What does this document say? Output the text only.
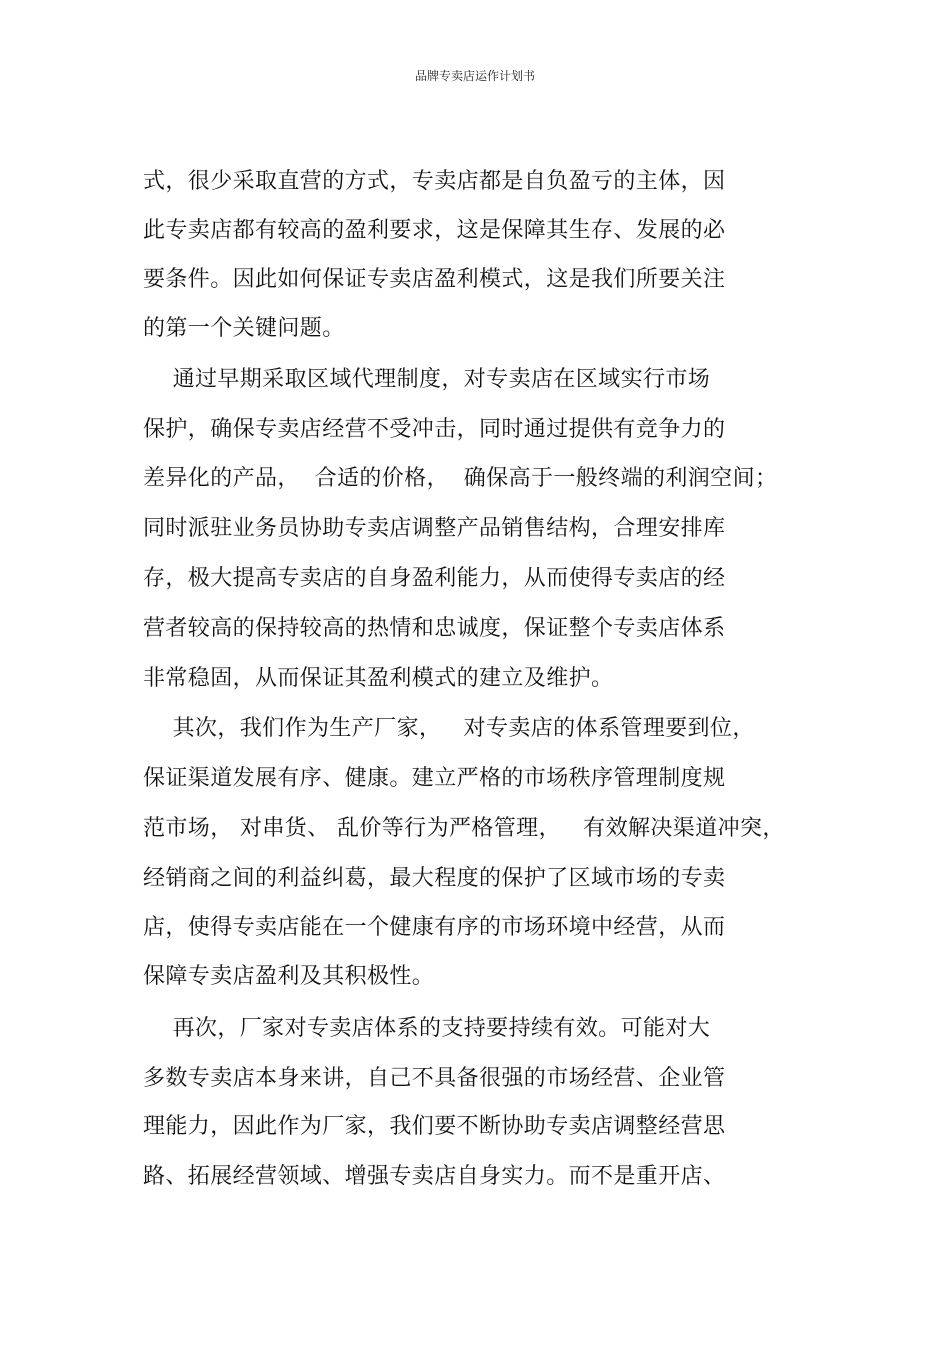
品牌专卖店运作计划书
式，很少采取直营的方式，专卖店都是自负盈亏的主体，因
此专卖店都有较高的盈利要求，这是保障其生存、发展的必
要条件。因此如何保证专卖店盈利模式，这是我们所要关注
的第一个关键问题。
通过早期采取区域代理制度，对专卖店在区域实行市场
保护，确保专卖店经营不受冲击，同时通过提供有竞争力的
差异化的产品，  合适的价格，  确保高于一般终端的利润空间；
同时派驻业务员协助专卖店调整产品销售结构，合理安排库
存，极大提高专卖店的自身盈利能力，从而使得专卖店的经
营者较高的保持较高的热情和忠诚度，保证整个专卖店体系
非常稳固，从而保证其盈利模式的建立及维护。
其次，我们作为生产厂家，   对专卖店的体系管理要到位，
保证渠道发展有序、健康。建立严格的市场秩序管理制度规
范市场， 对串货、 乱价等行为严格管理，   有效解决渠道冲突，
经销商之间的利益纠葛，最大程度的保护了区域市场的专卖
店，使得专卖店能在一个健康有序的市场环境中经营，从而
保障专卖店盈利及其积极性。
再次，厂家对专卖店体系的支持要持续有效。可能对大
多数专卖店本身来讲，自己不具备很强的市场经营、企业管
理能力，因此作为厂家，我们要不断协助专卖店调整经营思
路、拓展经营领域、增强专卖店自身实力。而不是重开店、
